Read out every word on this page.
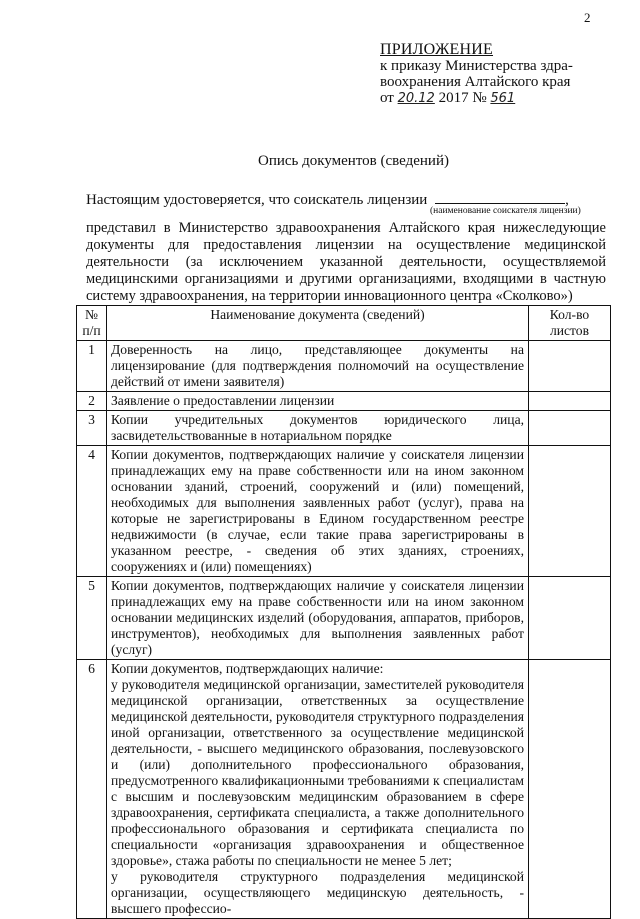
2
ПРИЛОЖЕНИЕ
к приказу Министерства здра-
воохранения Алтайского края
от 20.12 2017 № 561
Опись документов (сведений)
Настоящим удостоверяется, что соискатель лицензии	,
(наименование соискателя лицензии)
представил в Министерство здравоохранения Алтайского края нижеследующие документы для предоставления лицензии на осуществление медицинской деятельности (за исключением указанной деятельности, осуществляемой медицинскими организациями и другими организациями, входящими в частную систему здравоохранения, на территории инновационного центра «Сколково»)
№ п/п	Наименование документа (сведений)	Кол-во листов
1	Доверенность на лицо, представляющее документы на лицензирование (для подтверждения полномочий на осуществление действий от имени заявителя)	

2	Заявление о предоставлении лицензии	

3	Копии учредительных документов юридического лица, засвидетельствованные в нотариальном порядке	

4	Копии документов, подтверждающих наличие у соискателя лицензии принадлежащих ему на праве собственности или на ином законном основании зданий, строений, сооружений и (или) помещений, необходимых для выполнения заявленных работ (услуг), права на которые не зарегистрированы в Едином государственном реестре недвижимости (в случае, если такие права зарегистрированы в указанном реестре, - сведения об этих зданиях, строениях, сооружениях и (или) помещениях)	

5	Копии документов, подтверждающих наличие у соискателя лицензии принадлежащих ему на праве собственности или на ином законном основании медицинских изделий (оборудования, аппаратов, приборов, инструментов), необходимых для выполнения заявленных работ (услуг)	

6	Копии документов, подтверждающих наличие:
у руководителя медицинской организации, заместителей руководителя медицинской организации, ответственных за осуществление медицинской деятельности, руководителя структурного подразделения иной организации, ответственного за осуществление медицинской деятельности, - высшего медицинского образования, послевузовского и (или) дополнительного профессионального образования, предусмотренного квалификационными требованиями к специалистам с высшим и послевузовским медицинским образованием в сфере здравоохранения, сертификата специалиста, а также дополнительного профессионального образования и сертификата специалиста по специальности «организация здравоохранения и общественное здоровье», стажа работы по специальности не менее 5 лет;
у руководителя структурного подразделения медицинской организации, осуществляющего медицинскую деятельность, - высшего профессио-	
